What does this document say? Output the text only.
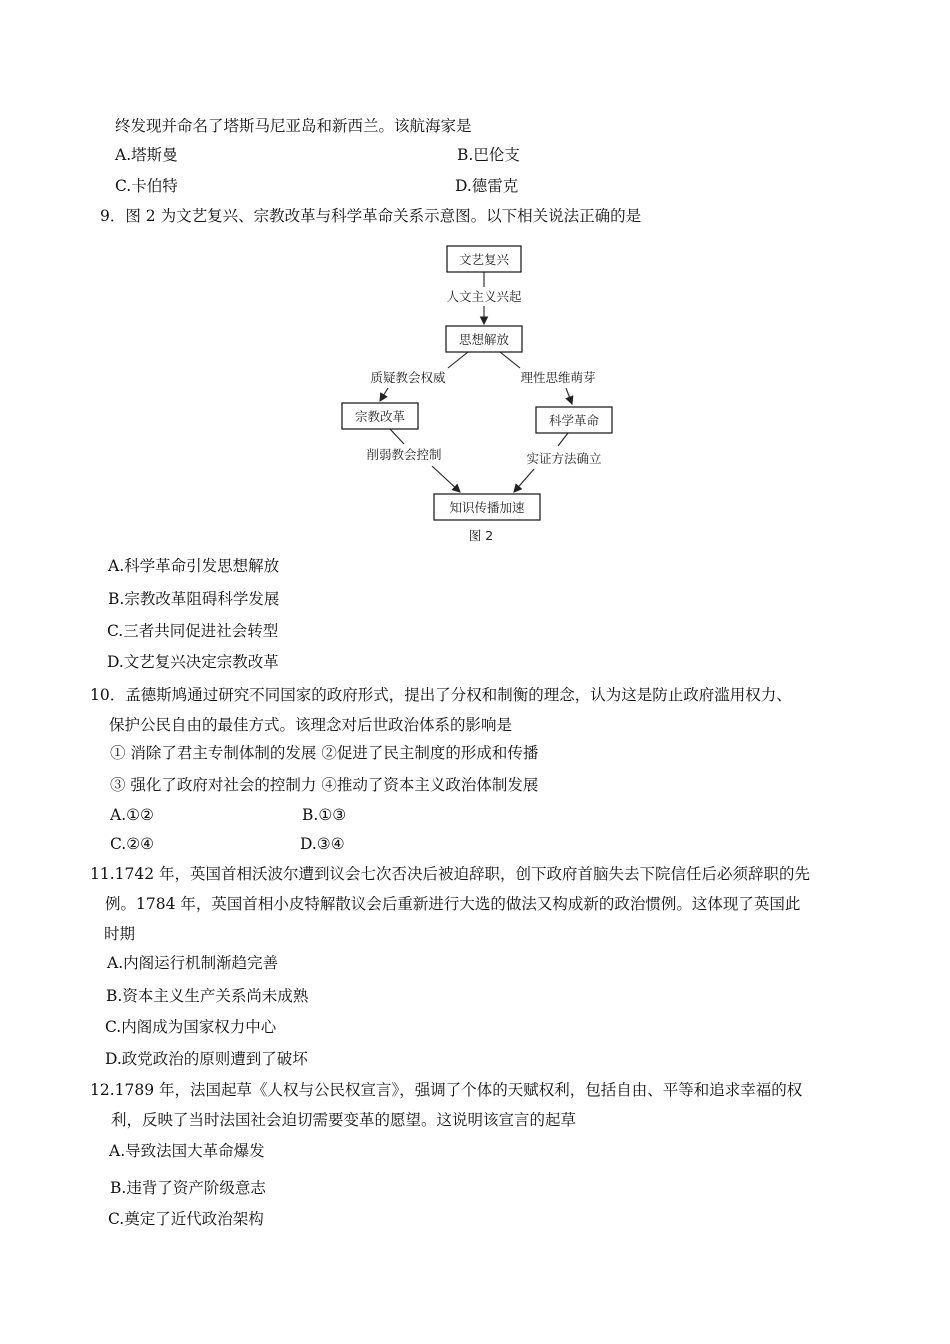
终发现并命名了塔斯马尼亚岛和新西兰。该航海家是
A.塔斯曼	B.巴伦支
C.卡伯特	D.德雷克
9．图 2 为文艺复兴、宗教改革与科学革命关系示意图。以下相关说法正确的是
文艺复兴
人文主义兴起
思想解放
质疑教会权威	理性思维萌芽
宗教改革	科学革命
削弱教会控制	实证方法确立
知识传播加速
图 2
A.科学革命引发思想解放
B.宗教改革阻碍科学发展
C.三者共同促进社会转型
D.文艺复兴决定宗教改革
10．孟德斯鸠通过研究不同国家的政府形式，提出了分权和制衡的理念，认为这是防止政府滥用权力、
保护公民自由的最佳方式。该理念对后世政治体系的影响是
① 消除了君主专制体制的发展 ②促进了民主制度的形成和传播
③ 强化了政府对社会的控制力 ④推动了资本主义政治体制发展
A.①②	B.①③
C.②④	D.③④
11.1742 年，英国首相沃波尔遭到议会七次否决后被迫辞职，创下政府首脑失去下院信任后必须辞职的先
例。1784 年，英国首相小皮特解散议会后重新进行大选的做法又构成新的政治惯例。这体现了英国此
时期
A.内阁运行机制渐趋完善
B.资本主义生产关系尚未成熟
C.内阁成为国家权力中心
D.政党政治的原则遭到了破坏
12.1789 年，法国起草《人权与公民权宣言》，强调了个体的天赋权利，包括自由、平等和追求幸福的权
利，反映了当时法国社会迫切需要变革的愿望。这说明该宣言的起草
A.导致法国大革命爆发
B.违背了资产阶级意志
C.奠定了近代政治架构
